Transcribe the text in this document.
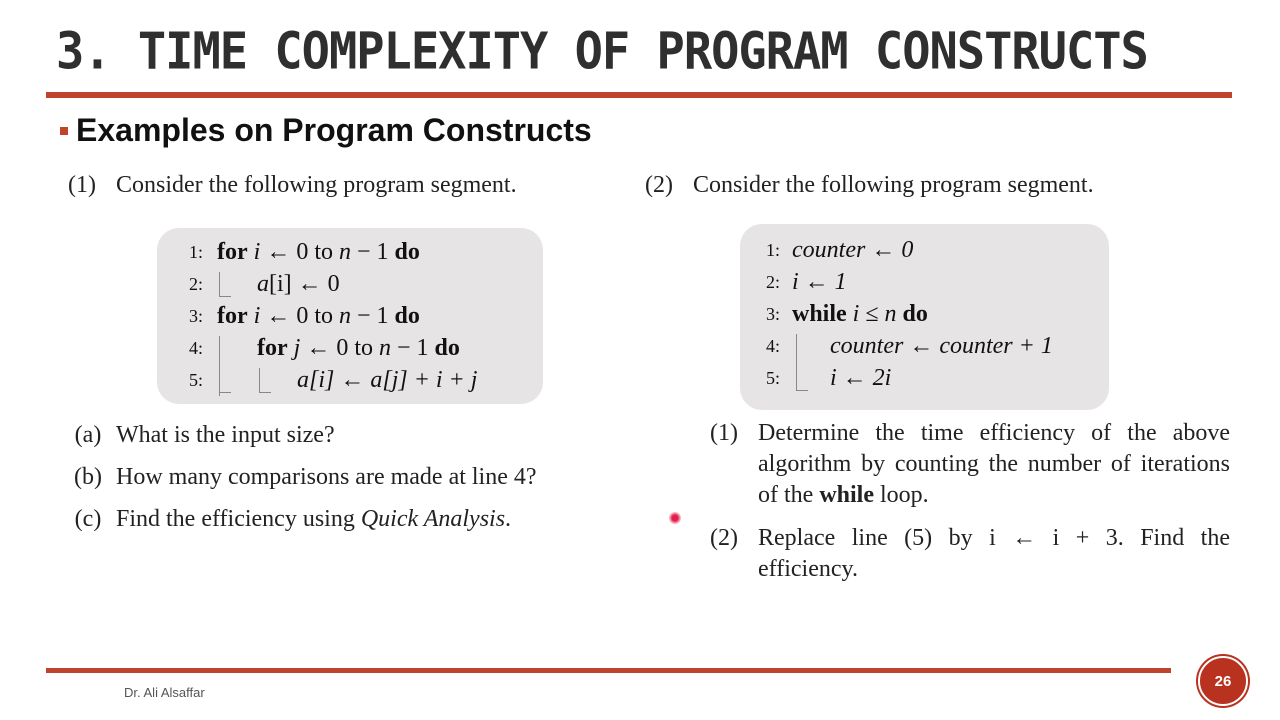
3. TIME COMPLEXITY OF PROGRAM CONSTRUCTS
Examples on Program Constructs
(1) Consider the following program segment.
1: for i ← 0 to n − 1 do
2: a[i] ← 0
3: for i ← 0 to n − 1 do
4: for j ← 0 to n − 1 do
5:	a[i] ← a[j] + i + j
(a) What is the input size?
(b) How many comparisons are made at line 4?
(c) Find the efficiency using Quick Analysis.
(2) Consider the following program segment.
1: counter ← 0
2: i ← 1
3: while i ≤ n do
4: counter ← counter + 1
5: i ← 2i
(1) Determine the time efficiency of the above algorithm by counting the number of iterations of the while loop.
(2) Replace line (5) by i ← i + 3. Find the efficiency.
Dr. Ali Alsaffar
26
